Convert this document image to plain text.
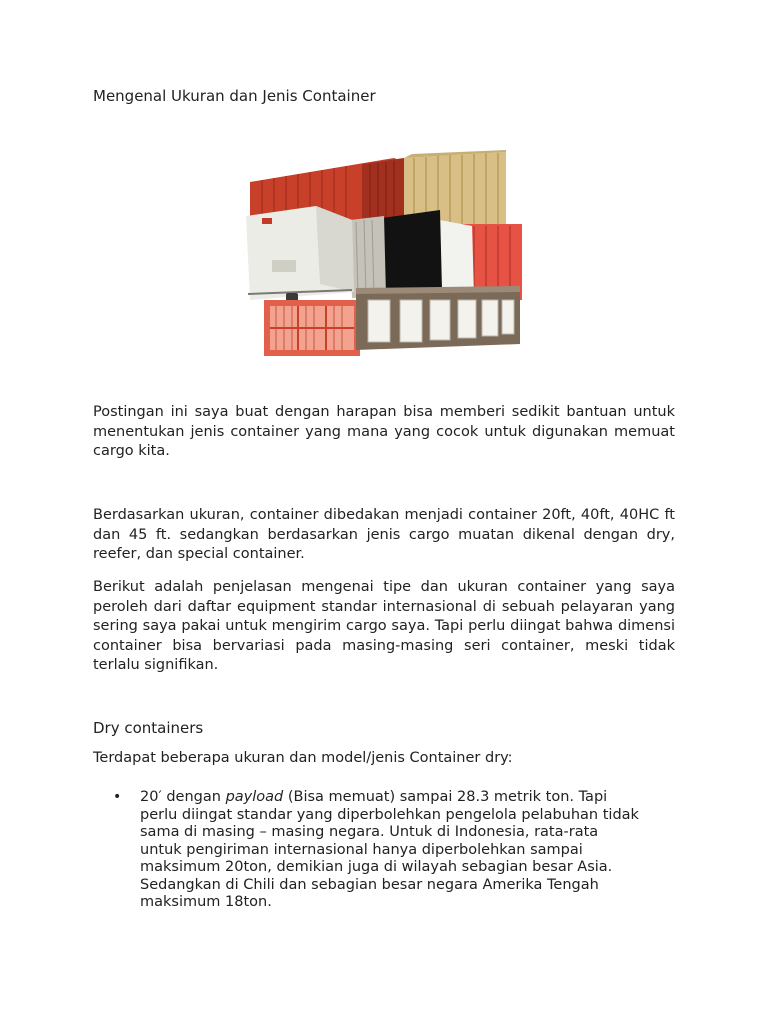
Mengenal Ukuran dan Jenis Container

Postingan ini saya buat dengan harapan bisa memberi sedikit bantuan untuk menentukan jenis container yang mana yang cocok untuk digunakan memuat cargo kita.

Berdasarkan ukuran, container dibedakan menjadi container 20ft, 40ft, 40HC ft dan 45 ft. sedangkan berdasarkan jenis cargo muatan dikenal dengan dry, reefer, dan special container.

Berikut adalah penjelasan mengenai tipe dan ukuran container yang saya peroleh dari daftar equipment standar internasional di sebuah pelayaran yang sering saya pakai untuk mengirim cargo saya. Tapi perlu diingat bahwa dimensi container bisa bervariasi pada masing-masing seri container, meski tidak terlalu signifikan.

Dry containers
Terdapat beberapa ukuran dan model/jenis Container dry:
• 20′ dengan payload (Bisa memuat) sampai 28.3 metrik ton. Tapi
perlu diingat standar yang diperbolehkan pengelola pelabuhan tidak
sama di masing – masing negara. Untuk di Indonesia, rata-rata
untuk pengiriman internasional hanya diperbolehkan sampai
maksimum 20ton, demikian juga di wilayah sebagian besar Asia.
Sedangkan di Chili dan sebagian besar negara Amerika Tengah
maksimum 18ton.
